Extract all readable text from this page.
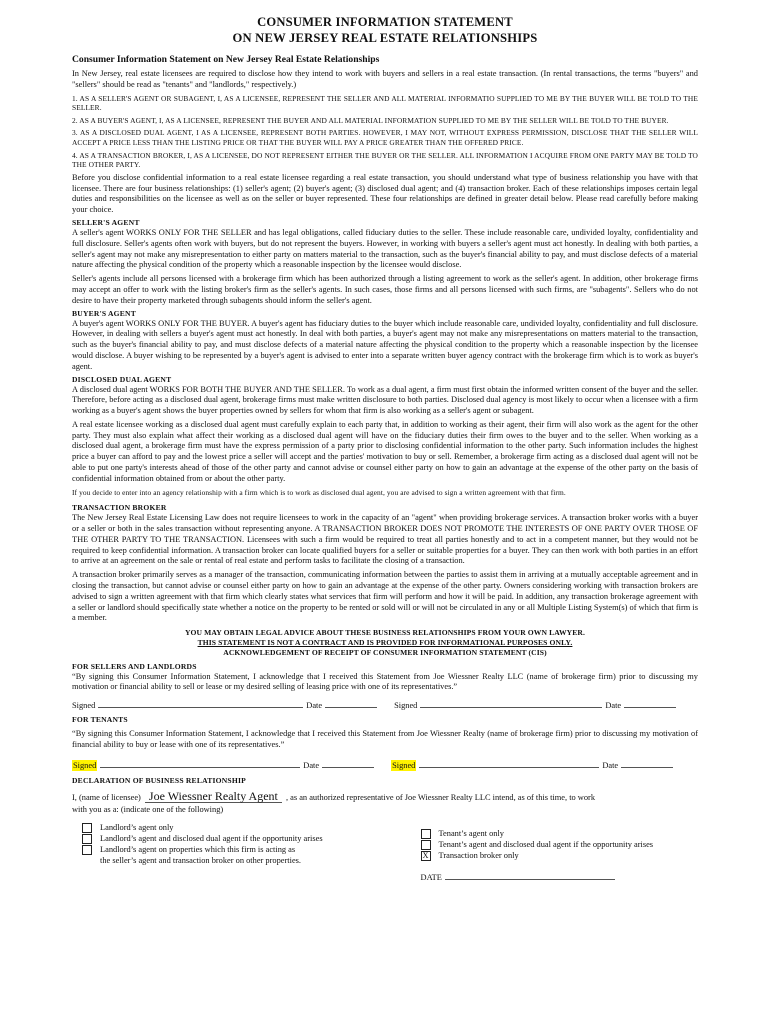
CONSUMER INFORMATION STATEMENT
ON NEW JERSEY REAL ESTATE RELATIONSHIPS
Consumer Information Statement on New Jersey Real Estate Relationships

In New Jersey, real estate licensees are required to disclose how they intend to work with buyers and sellers in a real estate transaction. (In rental transactions, the terms "buyers" and "sellers" should be read as "tenants" and "landlords," respectively.)

1. AS A SELLER'S AGENT OR SUBAGENT, I, AS A LICENSEE, REPRESENT THE SELLER AND ALL MATERIAL INFORMATIO SUPPLIED TO ME BY THE BUYER WILL BE TOLD TO THE SELLER.

2. AS A BUYER'S AGENT, I, AS A LICENSEE, REPRESENT THE BUYER AND ALL MATERIAL INFORMATION SUPPLIED TO ME BY THE SELLER WILL BE TOLD TO THE BUYER.

3. AS A DISCLOSED DUAL AGENT, I AS A LICENSEE, REPRESENT BOTH PARTIES. HOWEVER, I MAY NOT, WITHOUT EXPRESS PERMISSION, DISCLOSE THAT THE SELLER WILL ACCEPT A PRICE LESS THAN THE LISTING PRICE OR THAT THE BUYER WILL PAY A PRICE GREATER THAN THE OFFERED PRICE.

4. AS A TRANSACTION BROKER, I, AS A LICENSEE, DO NOT REPRESENT EITHER THE BUYER OR THE SELLER. ALL INFORMATION I ACQUIRE FROM ONE PARTY MAY BE TOLD TO THE OTHER PARTY.

Before you disclose confidential information to a real estate licensee regarding a real estate transaction, you should understand what type of business relationship you have with that licensee. There are four business relationships: (1) seller's agent; (2) buyer's agent; (3) disclosed dual agent; and (4) transaction broker. Each of these relationships imposes certain legal duties and responsibilities on the licensee as well as on the seller or buyer represented. These four relationships are defined in greater detail below. Please read carefully before making your choice.

SELLER'S AGENT

A seller's agent WORKS ONLY FOR THE SELLER and has legal obligations, called fiduciary duties to the seller. These include reasonable care, undivided loyalty, confidentiality and full disclosure. Seller's agents often work with buyers, but do not represent the buyers. However, in working with buyers a seller's agent must act honestly. In dealing with both parties, a seller's agent may not make any misrepresentation to either party on matters material to the transaction, such as the buyer's financial ability to pay, and must disclose defects of a material nature affecting the physical condition of the property which a reasonable inspection by the licensee would disclose.

Seller's agents include all persons licensed with a brokerage firm which has been authorized through a listing agreement to work as the seller's agent. In addition, other brokerage firms may accept an offer to work with the listing broker's firm as the seller's agents. In such cases, those firms and all persons licensed with such firms, are "subagents". Sellers who do not desire to have their property marketed through subagents should inform the seller's agent.

BUYER'S AGENT

A buyer's agent WORKS ONLY FOR THE BUYER. A buyer's agent has fiduciary duties to the buyer which include reasonable care, undivided loyalty, confidentiality and full disclosure. However, in dealing with sellers a buyer's agent must act honestly. In deal with both parties, a buyer's agent may not make any misrepresentations on matters material to the transaction, such as the buyer's financial ability to pay, and must disclose defects of a material nature affecting the physical condition to the property which a reasonable inspection by the licensee would disclose. A buyer wishing to be represented by a buyer's agent is advised to enter into a separate written buyer agency contract with the brokerage firm which is to work as buyer's agent.

DISCLOSED DUAL AGENT

A disclosed dual agent WORKS FOR BOTH THE BUYER AND THE SELLER. To work as a dual agent, a firm must first obtain the informed written consent of the buyer and the seller. Therefore, before acting as a disclosed dual agent, brokerage firms must make written disclosure to both parties. Disclosed dual agency is most likely to occur when a licensee with a firm working as a buyer's agent shows the buyer properties owned by sellers for whom that firm is also working as a seller's agent or subagent.

A real estate licensee working as a disclosed dual agent must carefully explain to each party that, in addition to working as their agent, their firm will also work as the agent for the other party. They must also explain what affect their working as a disclosed dual agent will have on the fiduciary duties their firm owes to the buyer and to the seller. When working as a disclosed dual agent, a brokerage firm must have the express permission of a party prior to disclosing confidential information to the other party. Such information includes the highest price a buyer can afford to pay and the lowest price a seller will accept and the parties' motivation to buy or sell. Remember, a brokerage firm acting as a disclosed dual agent will not be able to put one party's interests ahead of those of the other party and cannot advise or counsel either party on how to gain an advantage at the expense of the other party on the basis of confidential information obtained from or about the other party.

If you decide to enter into an agency relationship with a firm which is to work as disclosed dual agent, you are advised to sign a written agreement with that firm.

TRANSACTION BROKER

The New Jersey Real Estate Licensing Law does not require licensees to work in the capacity of an "agent" when providing brokerage services. A transaction broker works with a buyer or a seller or both in the sales transaction without representing anyone. A TRANSACTION BROKER DOES NOT PROMOTE THE INTERESTS OF ONE PARTY OVER THOSE OF THE OTHER PARTY TO THE TRANSACTION. Licensees with such a firm would be required to treat all parties honestly and to act in a competent manner, but they would not be required to keep confidential information. A transaction broker can locate qualified buyers for a seller or suitable properties for a buyer. They can then work with both parties in an effort to arrive at an agreement on the sale or rental of real estate and perform tasks to facilitate the closing of a transaction.

A transaction broker primarily serves as a manager of the transaction, communicating information between the parties to assist them in arriving at a mutually acceptable agreement and in closing the transaction, but cannot advise or counsel either party on how to gain an advantage at the expense of the other party. Owners considering working with transaction brokers are advised to sign a written agreement with that firm which clearly states what services that firm will perform and how it will be paid. In addition, any transaction brokerage agreement with a seller or landlord should specifically state whether a notice on the property to be rented or sold will or will not be circulated in any or all Multiple Listing System(s) of which that firm is a member.

YOU MAY OBTAIN LEGAL ADVICE ABOUT THESE BUSINESS RELATIONSHIPS FROM YOUR OWN LAWYER.
THIS STATEMENT IS NOT A CONTRACT AND IS PROVIDED FOR INFORMATIONAL PURPOSES ONLY.
ACKNOWLEDGEMENT OF RECEIPT OF CONSUMER INFORMATION STATEMENT (CIS)
FOR SELLERS AND LANDLORDS

“By signing this Consumer Information Statement, I acknowledge that I received this Statement from Joe Wiessner Realty LLC (name of brokerage firm) prior to discussing my motivation or financial ability to sell or lease or my desired selling of leasing price with one of its representatives.”

Signed	Date	Signed	Date
FOR TENANTS

“By signing this Consumer Information Statement, I acknowledge that I received this Statement from Joe Wiessner Realty (name of brokerage firm) prior to discussing my motivation of financial ability to buy or lease with one of its representatives.”

Signed	Date	Signed	Date
DECLARATION OF BUSINESS RELATIONSHIP
I, (name of licensee) Joe Wiessner Realty Agent , as an authorized representative of Joe Wiessner Realty LLC intend, as of this time, to work
with you as a: (indicate one of the following)
Landlord’s agent only
Landlord’s agent and disclosed dual agent if the opportunity arises
Landlord’s agent on properties which this firm is acting as
the seller’s agent and transaction broker on other properties.
Tenant’s agent only
Tenant’s agent and disclosed dual agent if the opportunity arises
X Transaction broker only
DATE
